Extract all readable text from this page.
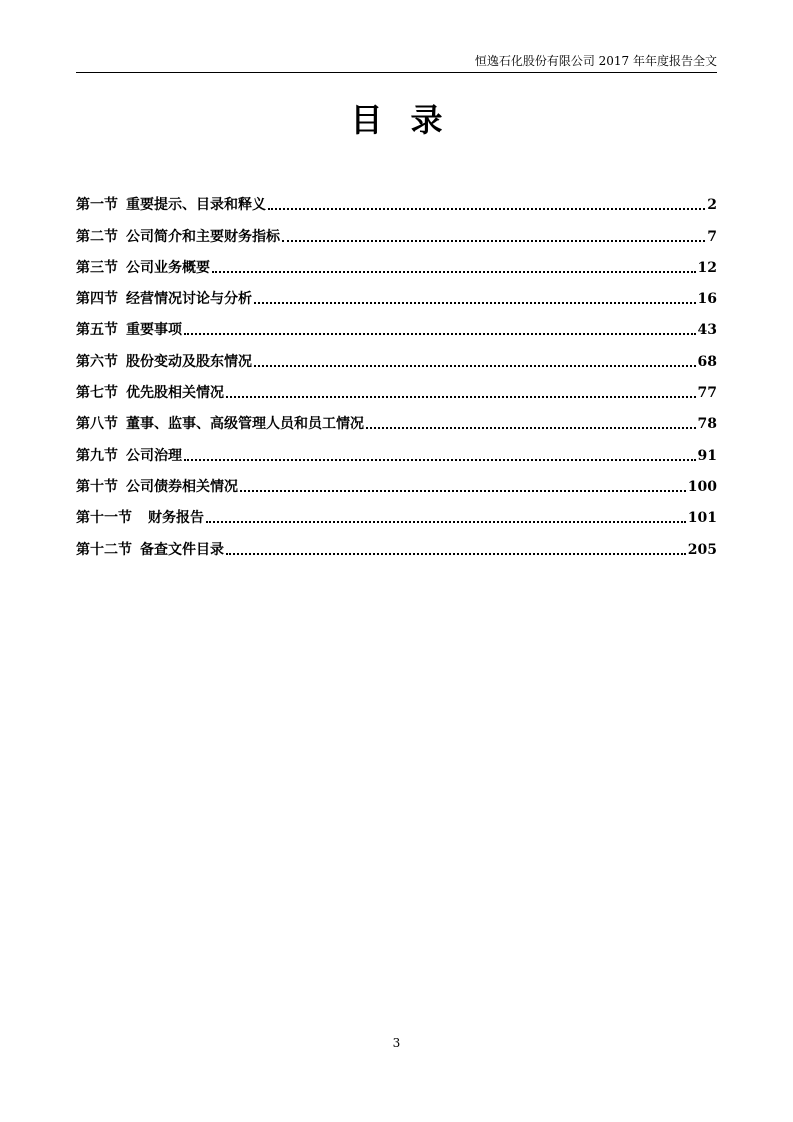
恒逸石化股份有限公司 2017 年年度报告全文
目录
第一节 重要提示、目录和释义	2
第二节 公司简介和主要财务指标	7
第三节 公司业务概要	12
第四节 经营情况讨论与分析	16
第五节 重要事项	43
第六节 股份变动及股东情况	68
第七节 优先股相关情况	77
第八节 董事、监事、高级管理人员和员工情况	78
第九节 公司治理	91
第十节 公司债券相关情况	100
第十一节 财务报告	101
第十二节 备查文件目录	205
3
